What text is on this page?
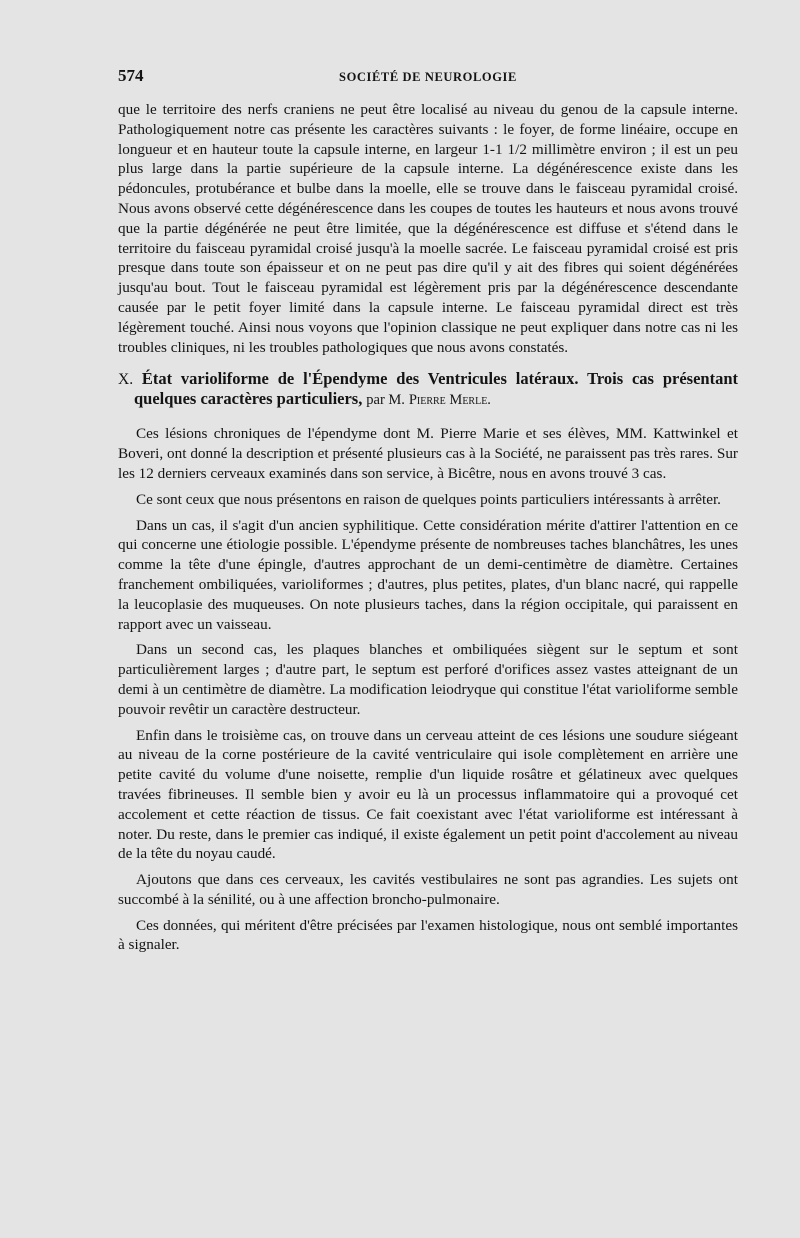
574	SOCIÉTÉ DE NEUROLOGIE

que le territoire des nerfs craniens ne peut être localisé au niveau du genou de la capsule interne. Pathologiquement notre cas présente les caractères suivants : le foyer, de forme linéaire, occupe en longueur et en hauteur toute la capsule interne, en largeur 1-1 1/2 millimètre environ ; il est un peu plus large dans la partie supérieure de la capsule interne. La dégénérescence existe dans les pédoncules, protubérance et bulbe dans la moelle, elle se trouve dans le faisceau pyramidal croisé. Nous avons observé cette dégénérescence dans les coupes de toutes les hauteurs et nous avons trouvé que la partie dégénérée ne peut être limitée, que la dégénérescence est diffuse et s'étend dans le territoire du faisceau pyramidal croisé jusqu'à la moelle sacrée. Le faisceau pyramidal croisé est pris presque dans toute son épaisseur et on ne peut pas dire qu'il y ait des fibres qui soient dégénérées jusqu'au bout. Tout le faisceau pyramidal est légèrement pris par la dégénérescence descendante causée par le petit foyer limité dans la capsule interne. Le faisceau pyramidal direct est très légèrement touché. Ainsi nous voyons que l'opinion classique ne peut expliquer dans notre cas ni les troubles cliniques, ni les troubles pathologiques que nous avons constatés.

X. État varioliforme de l'Épendyme des Ventricules latéraux. Trois cas présentant quelques caractères particuliers, par M. Pierre Merle.

Ces lésions chroniques de l'épendyme dont M. Pierre Marie et ses élèves, MM. Kattwinkel et Boveri, ont donné la description et présenté plusieurs cas à la Société, ne paraissent pas très rares. Sur les 12 derniers cerveaux examinés dans son service, à Bicêtre, nous en avons trouvé 3 cas.

Ce sont ceux que nous présentons en raison de quelques points particuliers intéressants à arrêter.

Dans un cas, il s'agit d'un ancien syphilitique. Cette considération mérite d'attirer l'attention en ce qui concerne une étiologie possible. L'épendyme présente de nombreuses taches blanchâtres, les unes comme la tête d'une épingle, d'autres approchant de un demi-centimètre de diamètre. Certaines franchement ombiliquées, varioliformes ; d'autres, plus petites, plates, d'un blanc nacré, qui rappelle la leucoplasie des muqueuses. On note plusieurs taches, dans la région occipitale, qui paraissent en rapport avec un vaisseau.

Dans un second cas, les plaques blanches et ombiliquées siègent sur le septum et sont particulièrement larges ; d'autre part, le septum est perforé d'orifices assez vastes atteignant de un demi à un centimètre de diamètre. La modification leiodryque qui constitue l'état varioliforme semble pouvoir revêtir un caractère destructeur.

Enfin dans le troisième cas, on trouve dans un cerveau atteint de ces lésions une soudure siégeant au niveau de la corne postérieure de la cavité ventriculaire qui isole complètement en arrière une petite cavité du volume d'une noisette, remplie d'un liquide rosâtre et gélatineux avec quelques travées fibrineuses. Il semble bien y avoir eu là un processus inflammatoire qui a provoqué cet accolement et cette réaction de tissus. Ce fait coexistant avec l'état varioliforme est intéressant à noter. Du reste, dans le premier cas indiqué, il existe également un petit point d'accolement au niveau de la tête du noyau caudé.

Ajoutons que dans ces cerveaux, les cavités vestibulaires ne sont pas agrandies. Les sujets ont succombé à la sénilité, ou à une affection broncho-pulmonaire.

Ces données, qui méritent d'être précisées par l'examen histologique, nous ont semblé importantes à signaler.
